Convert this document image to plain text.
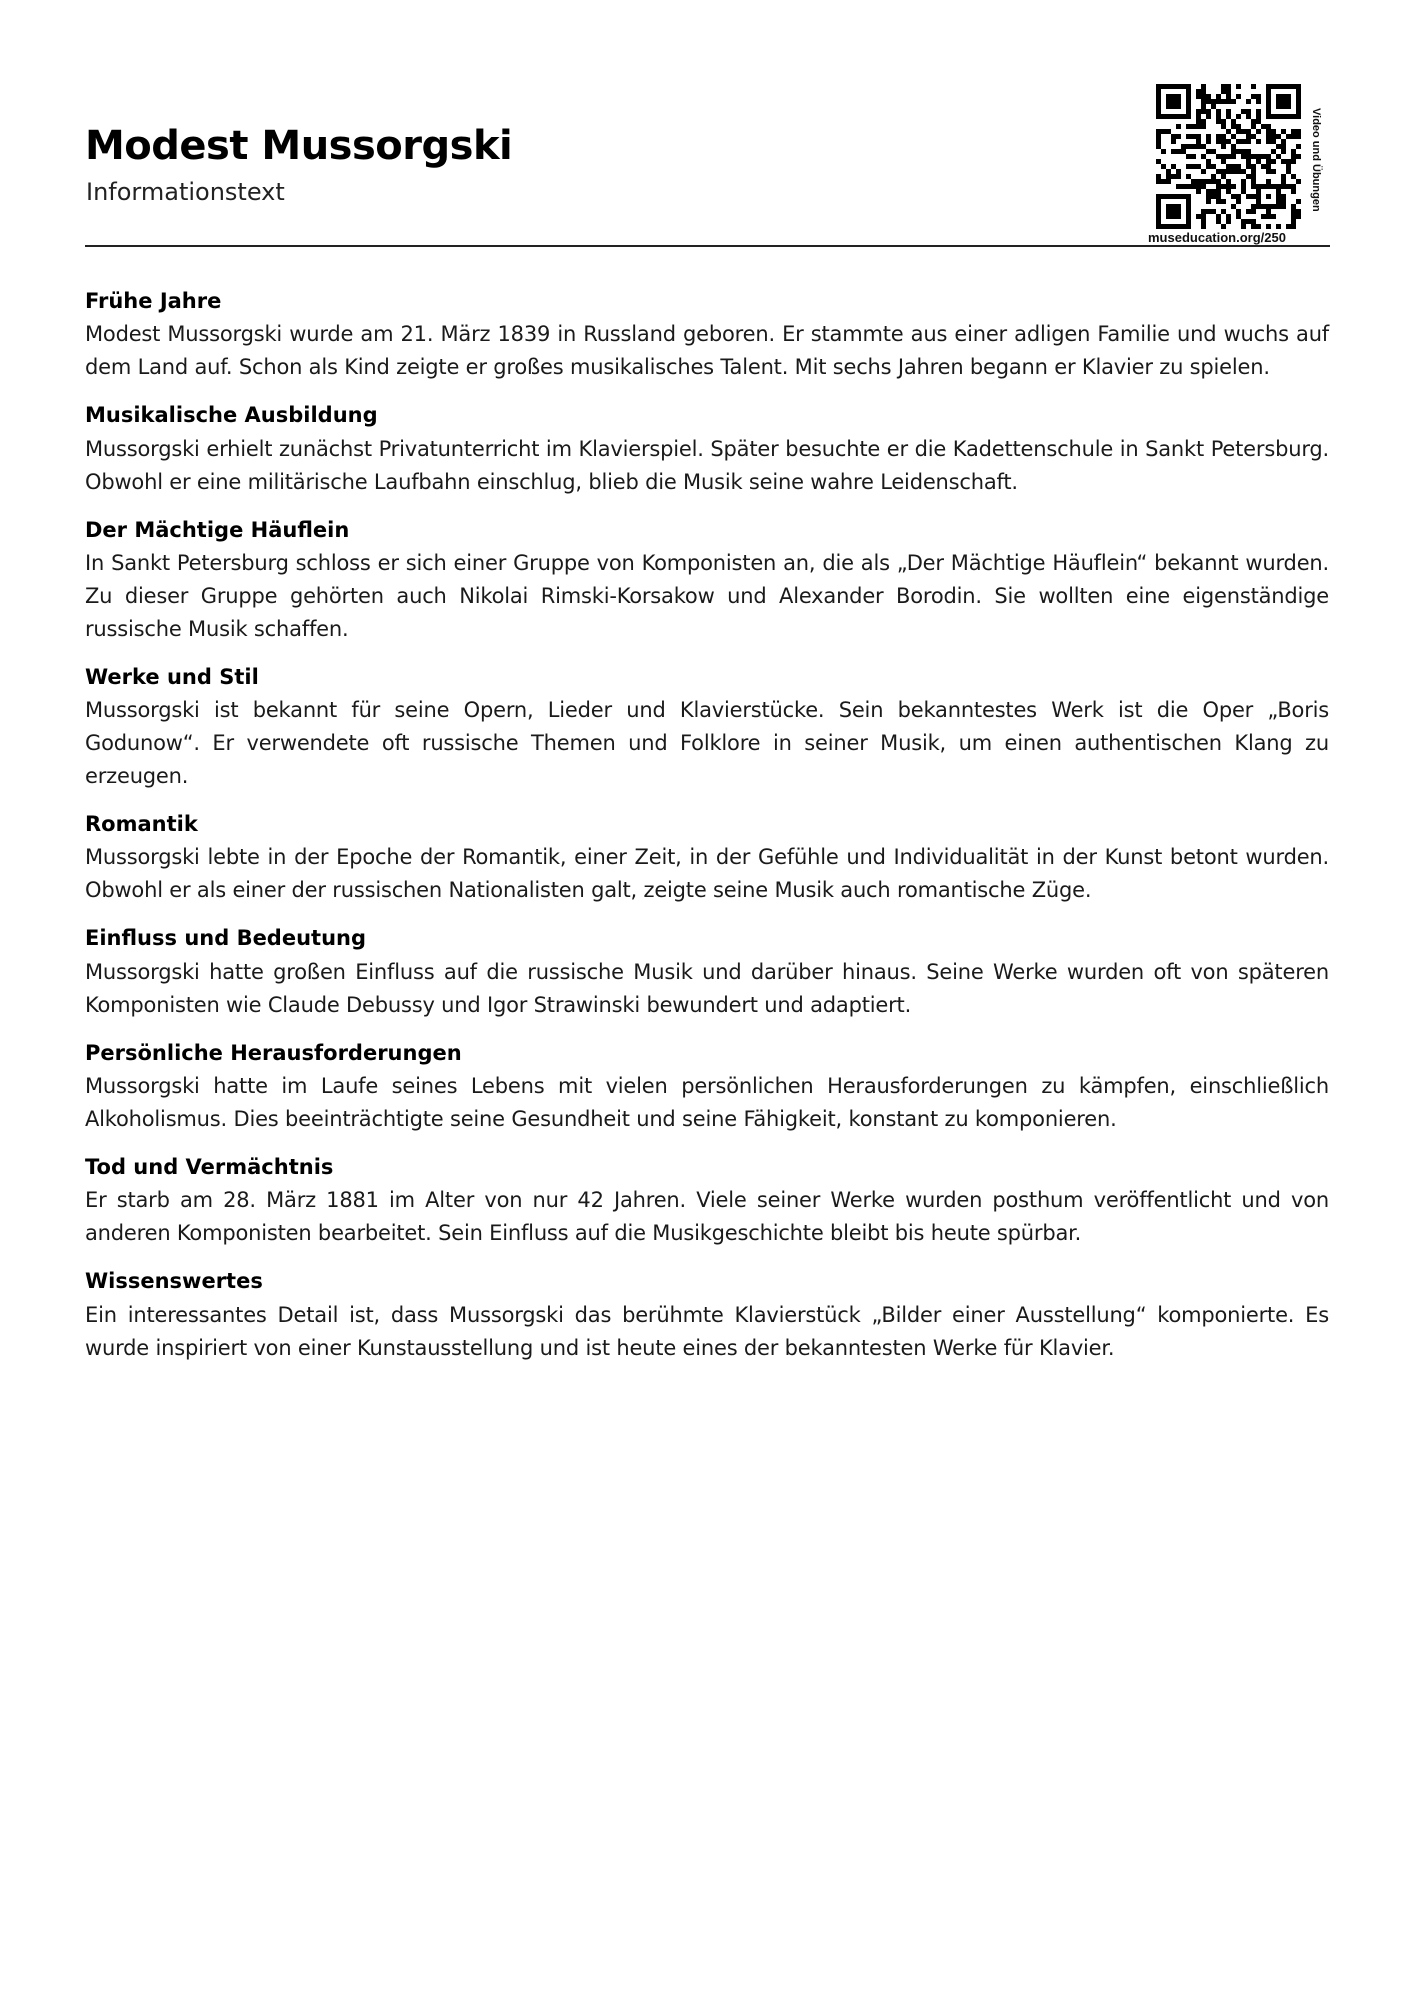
Modest Mussorgski
Informationstext	Video und Übungen
museducation.org/250
Frühe Jahre

Modest Mussorgski wurde am 21. März 1839 in Russland geboren. Er stammte aus einer adligen Familie und wuchs auf dem Land auf. Schon als Kind zeigte er großes musikalisches Talent. Mit sechs Jahren begann er Klavier zu spielen.

Musikalische Ausbildung

Mussorgski erhielt zunächst Privatunterricht im Klavierspiel. Später besuchte er die Kadettenschule in Sankt Petersburg. Obwohl er eine militärische Laufbahn einschlug, blieb die Musik seine wahre Leidenschaft.

Der Mächtige Häuflein

In Sankt Petersburg schloss er sich einer Gruppe von Komponisten an, die als „Der Mächtige Häuflein“ bekannt wurden. Zu dieser Gruppe gehörten auch Nikolai Rimski-Korsakow und Alexander Borodin. Sie wollten eine eigenständige russische Musik schaffen.

Werke und Stil

Mussorgski ist bekannt für seine Opern, Lieder und Klavierstücke. Sein bekanntestes Werk ist die Oper „Boris Godunow“. Er verwendete oft russische Themen und Folklore in seiner Musik, um einen authentischen Klang zu erzeugen.

Romantik

Mussorgski lebte in der Epoche der Romantik, einer Zeit, in der Gefühle und Individualität in der Kunst betont wurden. Obwohl er als einer der russischen Nationalisten galt, zeigte seine Musik auch romantische Züge.

Einfluss und Bedeutung

Mussorgski hatte großen Einfluss auf die russische Musik und darüber hinaus. Seine Werke wurden oft von späteren Komponisten wie Claude Debussy und Igor Strawinski bewundert und adaptiert.

Persönliche Herausforderungen

Mussorgski hatte im Laufe seines Lebens mit vielen persönlichen Herausforderungen zu kämpfen, einschließlich Alkoholismus. Dies beeinträchtigte seine Gesundheit und seine Fähigkeit, konstant zu komponieren.

Tod und Vermächtnis

Er starb am 28. März 1881 im Alter von nur 42 Jahren. Viele seiner Werke wurden posthum veröffentlicht und von anderen Komponisten bearbeitet. Sein Einfluss auf die Musikgeschichte bleibt bis heute spürbar.

Wissenswertes

Ein interessantes Detail ist, dass Mussorgski das berühmte Klavierstück „Bilder einer Ausstellung“ komponierte. Es wurde inspiriert von einer Kunstausstellung und ist heute eines der bekanntesten Werke für Klavier.
